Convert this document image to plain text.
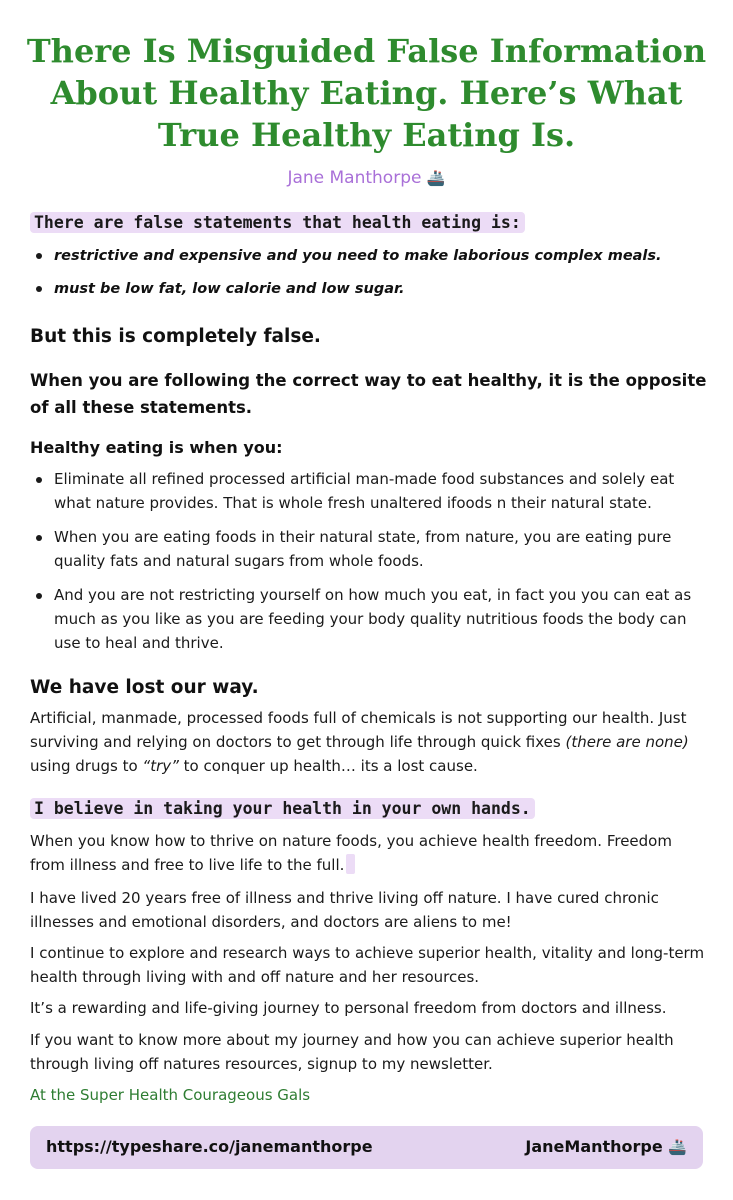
There Is Misguided False Information About Healthy Eating. Here’s What True Healthy Eating Is.
Jane Manthorpe 🚢
There are false statements that health eating is:
restrictive and expensive and you need to make laborious complex meals.
must be low fat, low calorie and low sugar.

But this is completely false.

When you are following the correct way to eat healthy, it is the opposite of all these statements.

Healthy eating is when you:

Eliminate all refined processed artificial man-made food substances and solely eat what nature provides. That is whole fresh unaltered ifoods n their natural state.
When you are eating foods in their natural state, from nature, you are eating pure quality fats and natural sugars from whole foods.
And you are not restricting yourself on how much you eat, in fact you you can eat as much as you like as you are feeding your body quality nutritious foods the body can use to heal and thrive.

We have lost our way.

Artificial, manmade, processed foods full of chemicals is not supporting our health. Just surviving and relying on doctors to get through life through quick fixes (there are none) using drugs to “try” to conquer up health… its a lost cause.

I believe in taking your health in your own hands.

When you know how to thrive on nature foods, you achieve health freedom. Freedom from illness and free to live life to the full.

I have lived 20 years free of illness and thrive living off nature. I have cured chronic illnesses and emotional disorders, and doctors are aliens to me!

I continue to explore and research ways to achieve superior health, vitality and long-term health through living with and off nature and her resources.

It’s a rewarding and life-giving journey to personal freedom from doctors and illness.

If you want to know more about my journey and how you can achieve superior health through living off natures resources, signup to my newsletter.

At the Super Health Courageous Gals
https://typeshare.co/janemanthorpe	JaneManthorpe 🚢
